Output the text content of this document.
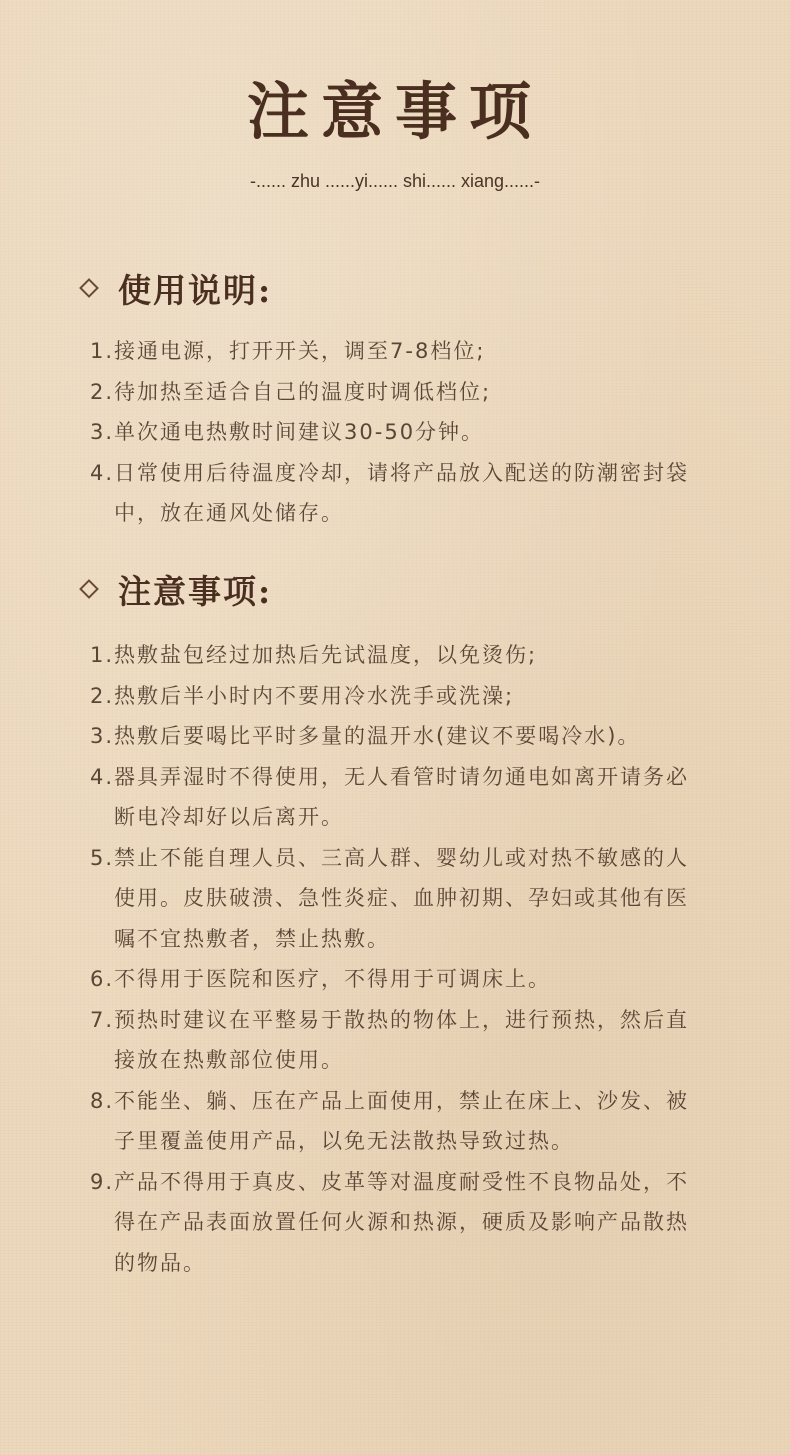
注意事项
-...... zhu ......yi...... shi...... xiang......-
使用说明:
1.接通电源，打开开关，调至7-8档位;
2.待加热至适合自己的温度时调低档位;
3.单次通电热敷时间建议30-50分钟。
4.日常使用后待温度冷却，请将产品放入配送的防潮密封袋中，放在通风处储存。
注意事项:
1.热敷盐包经过加热后先试温度，以免烫伤;
2.热敷后半小时内不要用冷水洗手或洗澡;
3.热敷后要喝比平时多量的温开水(建议不要喝冷水)。
4.器具弄湿时不得使用，无人看管时请勿通电如离开请务必断电冷却好以后离开。
5.禁止不能自理人员、三高人群、婴幼儿或对热不敏感的人使用。皮肤破溃、急性炎症、血肿初期、孕妇或其他有医嘱不宜热敷者，禁止热敷。
6.不得用于医院和医疗，不得用于可调床上。
7.预热时建议在平整易于散热的物体上，进行预热，然后直接放在热敷部位使用。
8.不能坐、躺、压在产品上面使用，禁止在床上、沙发、被子里覆盖使用产品，以免无法散热导致过热。
9.产品不得用于真皮、皮革等对温度耐受性不良物品处，不得在产品表面放置任何火源和热源，硬质及影响产品散热的物品。
